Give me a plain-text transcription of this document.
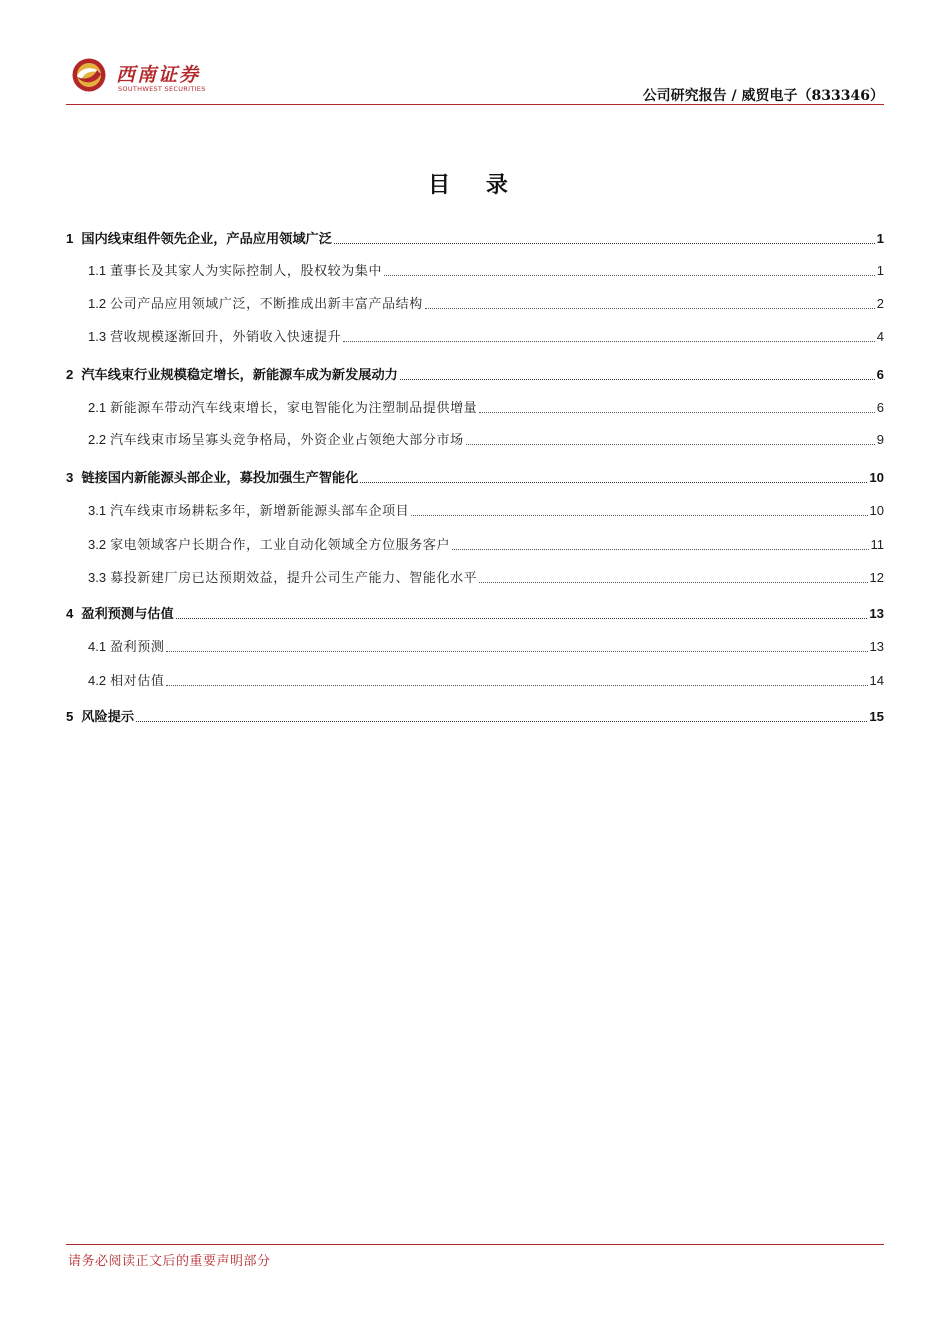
西南证券
SOUTHWEST SECURITIES	公司研究报告 / 威贸电子（833346）
目 录
1 国内线束组件领先企业，产品应用领域广泛	1
1.1 董事长及其家人为实际控制人，股权较为集中	1
1.2 公司产品应用领域广泛，不断推成出新丰富产品结构	2
1.3 营收规模逐渐回升，外销收入快速提升	4
2 汽车线束行业规模稳定增长，新能源车成为新发展动力	6
2.1 新能源车带动汽车线束增长，家电智能化为注塑制品提供增量	6
2.2 汽车线束市场呈寡头竞争格局，外资企业占领绝大部分市场	9
3 链接国内新能源头部企业，募投加强生产智能化	10
3.1 汽车线束市场耕耘多年，新增新能源头部车企项目	10
3.2 家电领域客户长期合作，工业自动化领域全方位服务客户	11
3.3 募投新建厂房已达预期效益，提升公司生产能力、智能化水平	12
4 盈利预测与估值	13
4.1 盈利预测	13
4.2 相对估值	14
5 风险提示	15
请务必阅读正文后的重要声明部分
